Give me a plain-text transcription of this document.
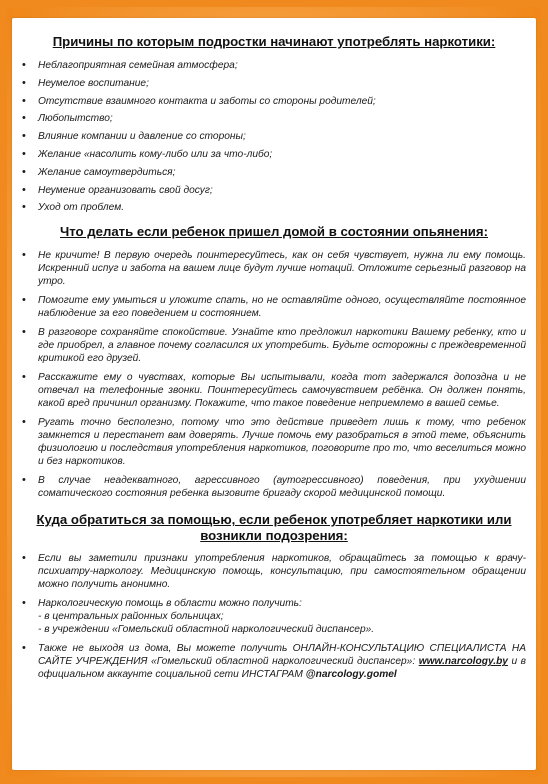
Причины по которым подростки начинают употреблять наркотики:
• Неблагоприятная семейная атмосфера;
• Неумелое воспитание;
• Отсутствие взаимного контакта и заботы со стороны родителей;
• Любопытство;
• Влияние компании и давление со стороны;
• Желание «насолить кому-либо или за что-либо;
• Желание самоутвердиться;
• Неумение организовать свой досуг;
• Уход от проблем.
Что делать если ребенок пришел домой в состоянии опьянения:
• Не кричите! В первую очередь поинтересуйтесь, как он себя чувствует, нужна ли ему помощь. Искренний испуг и забота на вашем лице будут лучше нотаций. Отложите серьезный разговор на утро.
• Помогите ему умыться и уложите спать, но не оставляйте одного, осуществляйте постоянное наблюдение за его поведением и состоянием.
• В разговоре сохраняйте спокойствие. Узнайте кто предложил наркотики Вашему ребенку, кто и где приобрел, а главное почему согласился их употребить. Будьте осторожны с преждевременной критикой его друзей.
• Расскажите ему о чувствах, которые Вы испытывали, когда тот задержался допоздна и не отвечал на телефонные звонки. Поинтересуйтесь самочувствием ребёнка. Он должен понять, какой вред причинил организму. Покажите, что такое поведение неприемлемо в вашей семье.
• Ругать точно бесполезно, потому что это действие приведет лишь к тому, что ребенок замкнется и перестанет вам доверять. Лучше помочь ему разобраться в этой теме, объяснить физиологию и последствия употребления наркотиков, поговорите про то, что веселиться можно и без наркотиков.
• В случае неадекватного, агрессивного (аутогрессивного) поведения, при ухудшении соматического состояния ребенка вызовите бригаду скорой медицинской помощи.
Куда обратиться за помощью, если ребенок употребляет наркотики или возникли подозрения:
• Если вы заметили признаки употребления наркотиков, обращайтесь за помощью к врачу-психиатру-наркологу. Медицинскую помощь, консультацию, при самостоятельном обращении можно получить анонимно.
• Наркологическую помощь в области можно получить:
- в центральных районных больницах;
- в учреждении «Гомельский областной наркологический диспансер».
• Также не выходя из дома, Вы можете получить ОНЛАЙН-КОНСУЛЬТАЦИЮ СПЕЦИАЛИСТА НА САЙТЕ УЧРЕЖДЕНИЯ «Гомельский областной наркологический диспансер»: www.narcology.by и в официальном аккаунте социальной сети ИНСТАГРАМ @narcology.gomel
